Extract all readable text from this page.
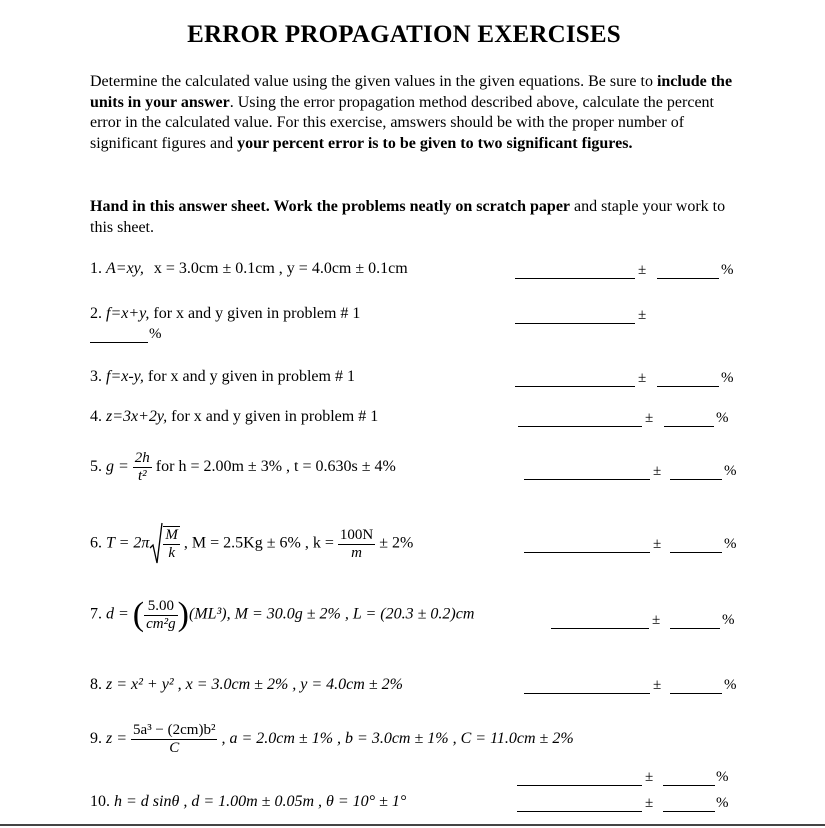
ERROR PROPAGATION EXERCISES
Determine the calculated value using the given values in the given equations. Be sure to include the units in your answer. Using the error propagation method described above, calculate the percent error in the calculated value. For this exercise, amswers should be with the proper number of significant figures and your percent error is to be given to two significant figures.
Hand in this answer sheet. Work the problems neatly on scratch paper and staple your work to this sheet.
1. A=xy, x = 3.0cm ± 0.1cm , y = 4.0cm ± 0.1cm	±	%
2. f=x+y, for x and y given in problem # 1	±
%
3. f=x-y, for x and y given in problem # 1	±	%
4. z=3x+2y, for x and y given in problem # 1	±	%
5. $g = \frac{2h}{\text{t²}}$ for h = 2.00m ± 3% , t = 0.630s ± 4%	±	%
6. $T = 2\pi \frac{M}{k}$ , M = 2.5Kg ± 6% , $k = \frac{100N}{m} \pm 2\%$	±	%
7. d = ( $\frac{5.00}{\text{cm²g}} )(ML^3)$, M = 30.0g ± 2% , L = (20.3 ± 0.2)cm	±	%
8. z = x² + y² , x = 3.0cm ± 2% , y = 4.0cm ± 2%	±	%
9. $z = \frac{\text{5a³ − (2cm)b²}}{C}$ , a = 2.0cm ± 1% , b = 3.0cm ± 1% , C = 11.0cm ± 2%
±	%
10. h = d sinθ , d = 1.00m ± 0.05m , θ = 10° ± 1°	±	%
